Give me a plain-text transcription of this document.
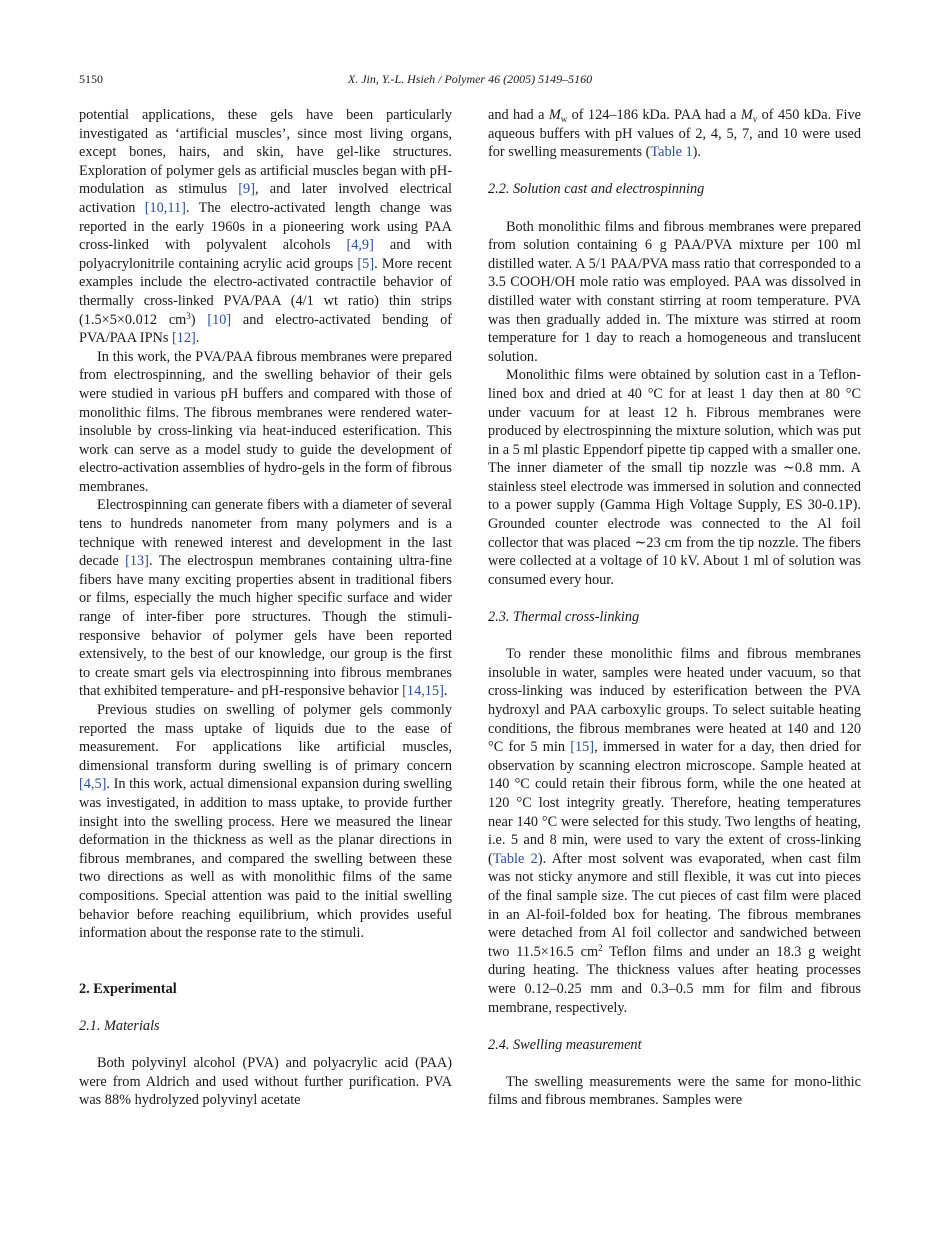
5150	X. Jin, Y.-L. Hsieh / Polymer 46 (2005) 5149–5160

potential applications, these gels have been particularly investigated as ‘artificial muscles’, since most living organs, except bones, hairs, and skin, have gel-like structures. Exploration of polymer gels as artificial muscles began with pH-modulation as stimulus [9], and later involved electrical activation [10,11]. The electro-activated length change was reported in the early 1960s in a pioneering work using PAA cross-linked with polyvalent alcohols [4,9] and with polyacrylonitrile containing acrylic acid groups [5]. More recent examples include the electro-activated contractile behavior of thermally cross-linked PVA/PAA (4/1 wt ratio) thin strips (1.5×5×0.012 $cm^3$) [10] and electro-activated bending of PVA/PAA IPNs [12].

In this work, the PVA/PAA fibrous membranes were prepared from electrospinning, and the swelling behavior of their gels were studied in various pH buffers and compared with those of monolithic films. The fibrous membranes were rendered water-insoluble by cross-linking via heat-induced esterification. This work can serve as a model study to guide the development of electro-activation assemblies of hydro-gels in the form of fibrous membranes.

Electrospinning can generate fibers with a diameter of several tens to hundreds nanometer from many polymers and is a technique with renewed interest and development in the last decade [13]. The electrospun membranes containing ultra-fine fibers have many exciting properties absent in traditional fibers or films, especially the much higher specific surface and wider range of inter-fiber pore structures. Though the stimuli-responsive behavior of polymer gels have been reported extensively, to the best of our knowledge, our group is the first to create smart gels via electrospinning into fibrous membranes that exhibited temperature- and pH-responsive behavior [14,15].

Previous studies on swelling of polymer gels commonly reported the mass uptake of liquids due to the ease of measurement. For applications like artificial muscles, dimensional transform during swelling is of primary concern [4,5]. In this work, actual dimensional expansion during swelling was investigated, in addition to mass uptake, to provide further insight into the swelling process. Here we measured the linear deformation in the thickness as well as the planar directions in fibrous membranes, and compared the swelling between these two directions as well as with monolithic films of the same compositions. Special attention was paid to the initial swelling behavior before reaching equilibrium, which provides useful information about the response rate to the stimuli.

2. Experimental
2.1. Materials

Both polyvinyl alcohol (PVA) and polyacrylic acid (PAA) were from Aldrich and used without further purification. PVA was 88% hydrolyzed polyvinyl acetate

and had a $M_w$ of 124–186 kDa. PAA had a $M_v$ of 450 kDa. Five aqueous buffers with pH values of 2, 4, 5, 7, and 10 were used for swelling measurements (Table 1).

2.2. Solution cast and electrospinning

Both monolithic films and fibrous membranes were prepared from solution containing 6 g PAA/PVA mixture per 100 ml distilled water. A 5/1 PAA/PVA mass ratio that corresponded to a 3.5 COOH/OH mole ratio was employed. PAA was dissolved in distilled water with constant stirring at room temperature. PVA was then gradually added in. The mixture was stirred at room temperature for 1 day to reach a homogeneous and translucent solution.

Monolithic films were obtained by solution cast in a Teflon-lined box and dried at 40 °C for at least 1 day then at 80 °C under vacuum for at least 12 h. Fibrous membranes were produced by electrospinning the mixture solution, which was put in a 5 ml plastic Eppendorf pipette tip capped with a smaller one. The inner diameter of the small tip nozzle was ∼0.8 mm. A stainless steel electrode was immersed in solution and connected to a power supply (Gamma High Voltage Supply, ES 30-0.1P). Grounded counter electrode was connected to the Al foil collector that was placed ∼23 cm from the tip nozzle. The fibers were collected at a voltage of 10 kV. About 1 ml of solution was consumed every hour.

2.3. Thermal cross-linking

To render these monolithic films and fibrous membranes insoluble in water, samples were heated under vacuum, so that cross-linking was induced by esterification between the PVA hydroxyl and PAA carboxylic groups. To select suitable heating conditions, the fibrous membranes were heated at 140 and 120 °C for 5 min [15], immersed in water for a day, then dried for observation by scanning electron microscope. Sample heated at 140 °C could retain their fibrous form, while the one heated at 120 °C lost integrity greatly. Therefore, heating temperatures near 140 °C were selected for this study. Two lengths of heating, i.e. 5 and 8 min, were used to vary the extent of cross-linking (Table 2). After most solvent was evaporated, when cast film was not sticky anymore and still flexible, it was cut into pieces of the final sample size. The cut pieces of cast film were placed in an Al-foil-folded box for heating. The fibrous membranes were detached from Al foil collector and sandwiched between two 11.5×16.5 $cm^2$ Teflon films and under an 18.3 g weight during heating. The thickness values after heating processes were 0.12–0.25 mm and 0.3–0.5 mm for film and fibrous membrane, respectively.

2.4. Swelling measurement

The swelling measurements were the same for mono-lithic films and fibrous membranes. Samples were
